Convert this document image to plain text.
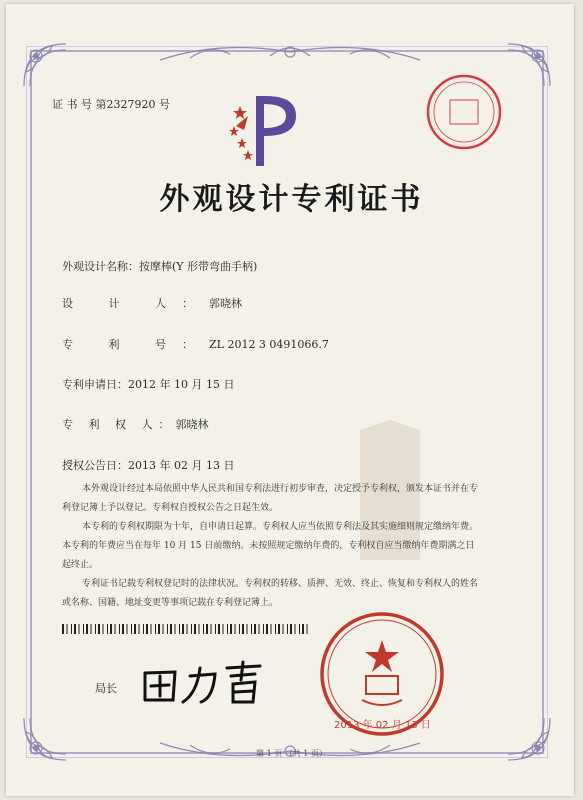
证 书 号 第2327920 号
外观设计专利证书
外观设计名称：按摩棒(Y 形带弯曲手柄)
设 计 人：郭晓林
专 利 号：ZL 2012 3 0491066.7
专利申请日：2012 年 10 月 15 日
专 利 权 人：郭晓林
授权公告日：2013 年 02 月 13 日

本外观设计经过本局依照中华人民共和国专利法进行初步审查，决定授予专利权，颁发本证书并在专利登记簿上予以登记。专利权自授权公告之日起生效。

本专利的专利权期限为十年，自申请日起算。专利权人应当依照专利法及其实施细则规定缴纳年费。本专利的年费应当在每年 10 月 15 日前缴纳。未按照规定缴纳年费的，专利权自应当缴纳年费期满之日起终止。

专利证书记载专利权登记时的法律状况。专利权的转移、质押、无效、终止、恢复和专利权人的姓名或名称、国籍、地址变更等事项记载在专利登记簿上。

局长
2013 年 02 月 13 日
第 1 页 （共 1 页）
